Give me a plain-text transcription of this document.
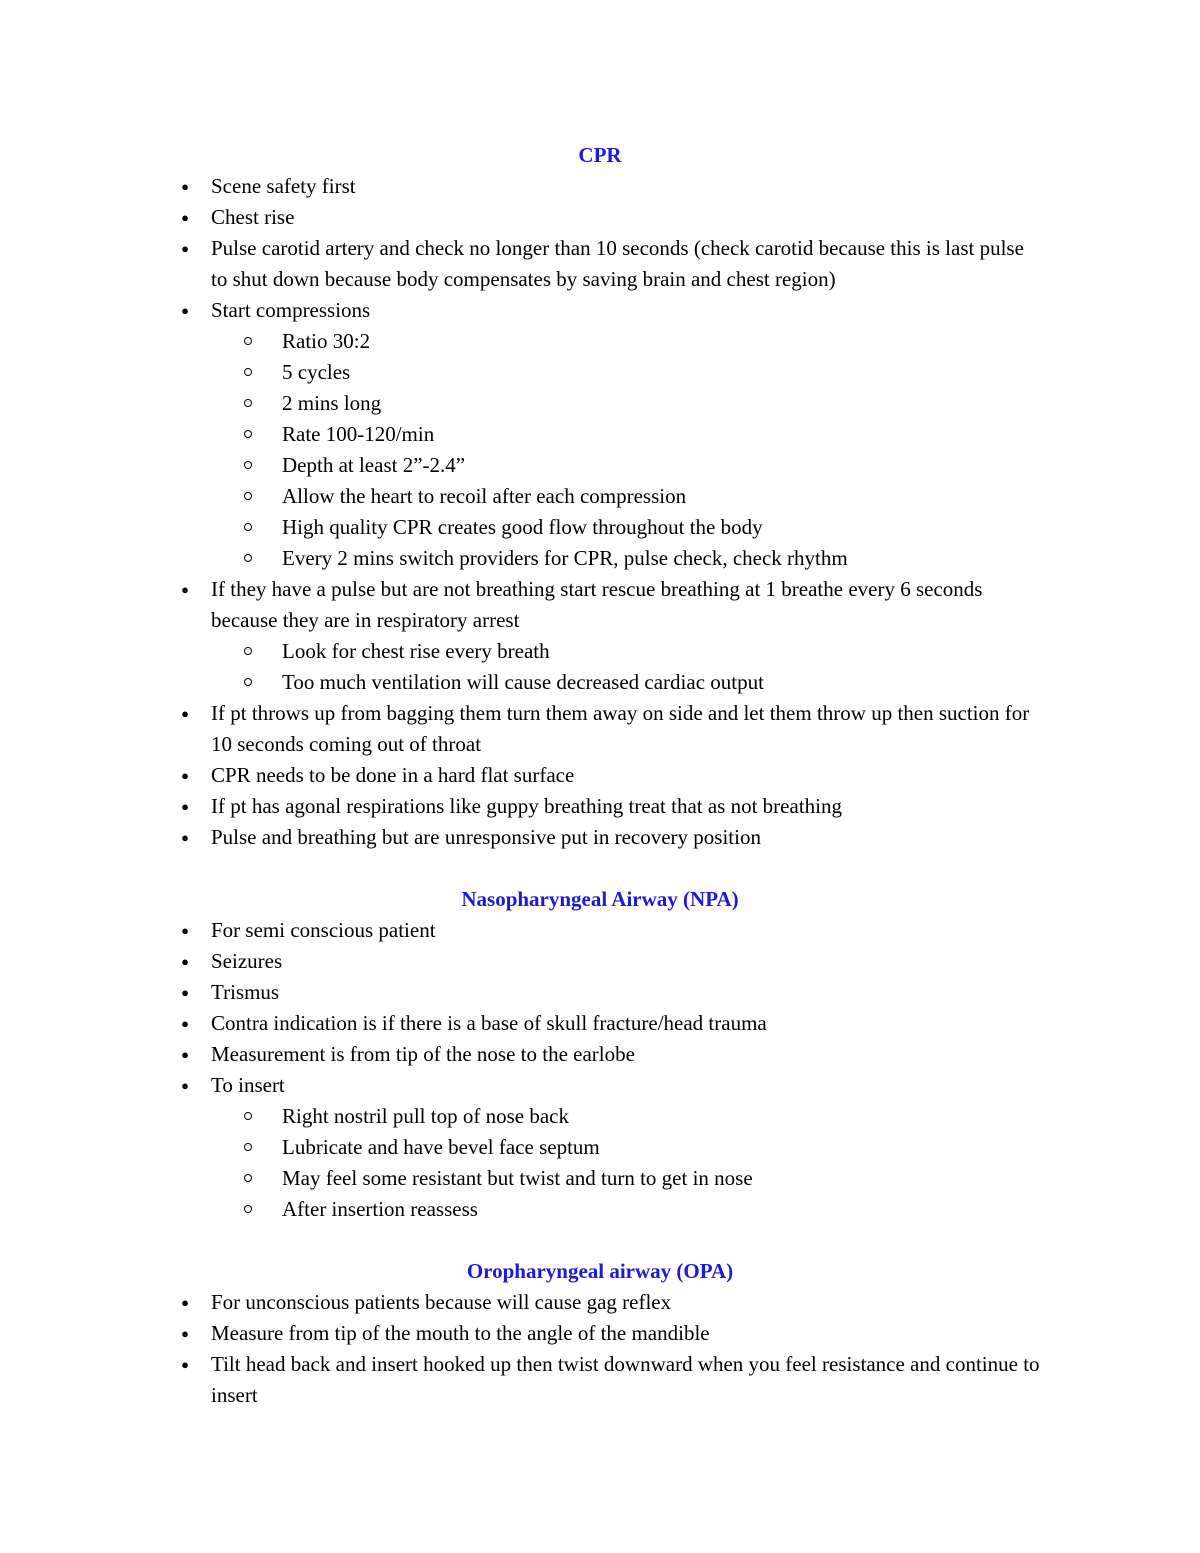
CPR
● Scene safety first
● Chest rise
● Pulse carotid artery and check no longer than 10 seconds (check carotid because this is last pulse to shut down because body compensates by saving brain and chest region)
● Start compressions
Ratio 30:2
5 cycles
2 mins long
Rate 100-120/min
Depth at least 2”-2.4”
Allow the heart to recoil after each compression
High quality CPR creates good flow throughout the body
Every 2 mins switch providers for CPR, pulse check, check rhythm
● If they have a pulse but are not breathing start rescue breathing at 1 breathe every 6 seconds because they are in respiratory arrest
Look for chest rise every breath
Too much ventilation will cause decreased cardiac output
● If pt throws up from bagging them turn them away on side and let them throw up then suction for 10 seconds coming out of throat
● CPR needs to be done in a hard flat surface
● If pt has agonal respirations like guppy breathing treat that as not breathing
● Pulse and breathing but are unresponsive put in recovery position
Nasopharyngeal Airway (NPA)
● For semi conscious patient
● Seizures
● Trismus
● Contra indication is if there is a base of skull fracture/head trauma
● Measurement is from tip of the nose to the earlobe
● To insert
Right nostril pull top of nose back
Lubricate and have bevel face septum
May feel some resistant but twist and turn to get in nose
After insertion reassess
Oropharyngeal airway (OPA)
● For unconscious patients because will cause gag reflex
● Measure from tip of the mouth to the angle of the mandible
● Tilt head back and insert hooked up then twist downward when you feel resistance and continue to insert
